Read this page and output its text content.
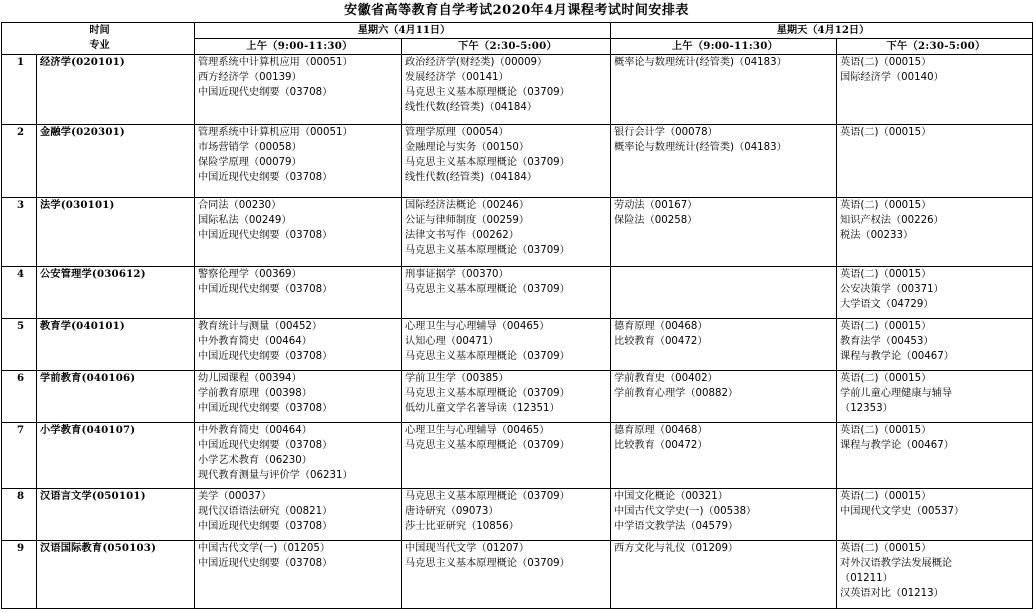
安徽省高等教育自学考试2020年4月课程考试时间安排表
时间
专业		星期六（4月11日）		星期天（4月12日）	
		上午（9:00-11:30）	下午（2:30-5:00）	上午（9:00-11:30）	下午（2:30-5:00）
1	经济学(020101)	管理系统中计算机应用（00051）
西方经济学（00139）
中国近现代史纲要（03708）	政治经济学(财经类)（00009）
发展经济学（00141）
马克思主义基本原理概论（03709）
线性代数(经管类)（04184）	概率论与数理统计(经管类)（04183）	英语(二)（00015）
国际经济学（00140）

2	金融学(020301)	管理系统中计算机应用（00051）
市场营销学（00058）
保险学原理（00079）
中国近现代史纲要（03708）	管理学原理（00054）
金融理论与实务（00150）
马克思主义基本原理概论（03709）
线性代数(经管类)（04184）	银行会计学（00078）
概率论与数理统计(经管类)（04183）	英语(二)（00015）

3	法学(030101)	合同法（00230）
国际私法（00249）
中国近现代史纲要（03708）	国际经济法概论（00246）
公证与律师制度（00259）
法律文书写作（00262）
马克思主义基本原理概论（03709）	劳动法（00167）
保险法（00258）	英语(二)（00015）
知识产权法（00226）
税法（00233）

4	公安管理学(030612)	警察伦理学（00369）
中国近现代史纲要（03708）	刑事证据学（00370）
马克思主义基本原理概论（03709）		英语(二)（00015）
公安决策学（00371）
大学语文（04729）

5	教育学(040101)	教育统计与测量（00452）
中外教育简史（00464）
中国近现代史纲要（03708）	心理卫生与心理辅导（00465）
认知心理（00471）
马克思主义基本原理概论（03709）	德育原理（00468）
比较教育（00472）	英语(二)（00015）
教育法学（00453）
课程与教学论（00467）

6	学前教育(040106)	幼儿园课程（00394）
学前教育原理（00398）
中国近现代史纲要（03708）	学前卫生学（00385）
马克思主义基本原理概论（03709）
低幼儿童文学名著导读（12351）	学前教育史（00402）
学前教育心理学（00882）	英语(二)（00015）
学前儿童心理健康与辅导
（12353）

7	小学教育(040107)	中外教育简史（00464）
中国近现代史纲要（03708）
小学艺术教育（06230）
现代教育测量与评价学（06231）	心理卫生与心理辅导（00465）
马克思主义基本原理概论（03709）	德育原理（00468）
比较教育（00472）	英语(二)（00015）
课程与教学论（00467）

8	汉语言文学(050101)	美学（00037）
现代汉语语法研究（00821）
中国近现代史纲要（03708）	马克思主义基本原理概论（03709）
唐诗研究（09073）
莎士比亚研究（10856）	中国文化概论（00321）
中国古代文学史(一)（00538）
中学语文教学法（04579）	英语(二)（00015）
中国现代文学史（00537）

9	汉语国际教育(050103)	中国古代文学(一)（01205）
中国近现代史纲要（03708）	中国现当代文学（01207）
马克思主义基本原理概论（03709）	西方文化与礼仪（01209）	英语(二)（00015）
对外汉语教学法发展概论
（01211）
汉英语对比（01213）
